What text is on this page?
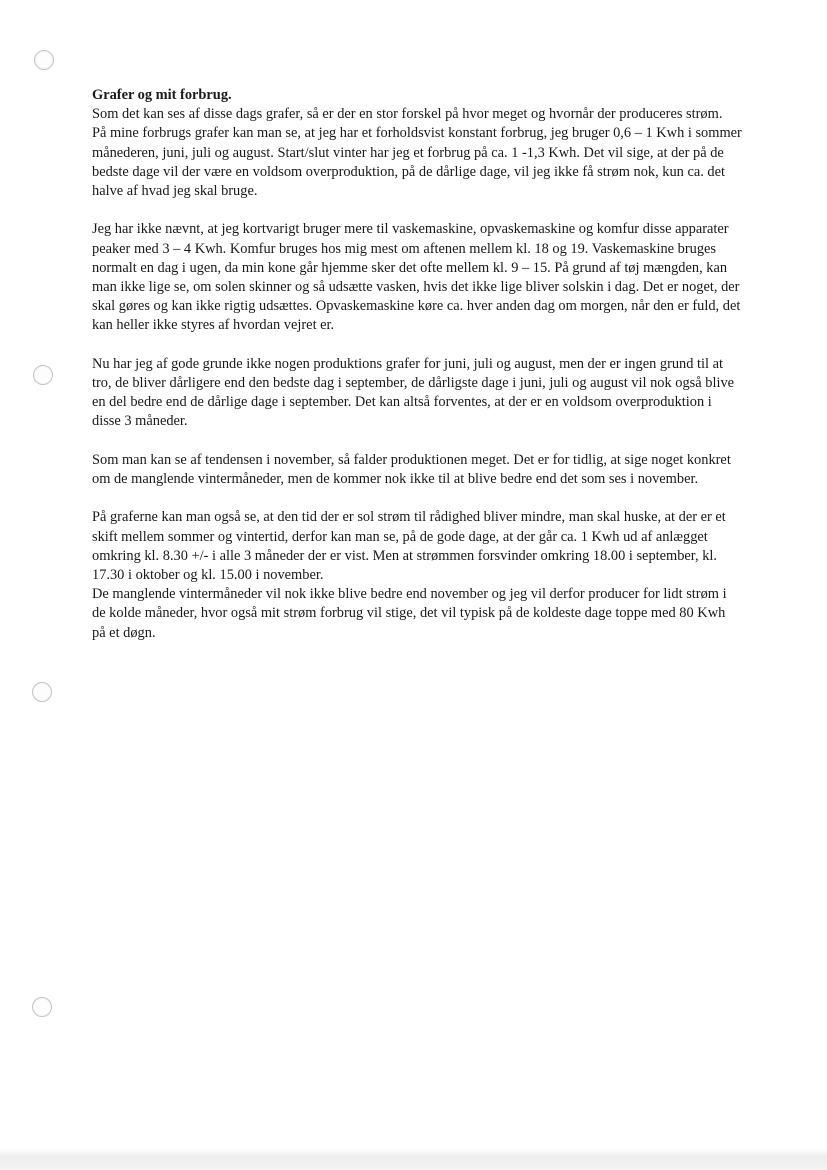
Grafer og mit forbrug.

Som det kan ses af disse dags grafer, så er der en stor forskel på hvor meget og hvornår der produceres strøm.

På mine forbrugs grafer kan man se, at jeg har et forholdsvist konstant forbrug, jeg bruger 0,6 – 1 Kwh i sommer månederen, juni, juli og august. Start/slut vinter har jeg et forbrug på ca. 1 -1,3 Kwh. Det vil sige, at der på de bedste dage vil der være en voldsom overproduktion, på de dårlige dage, vil jeg ikke få strøm nok, kun ca. det halve af hvad jeg skal bruge.

Jeg har ikke nævnt, at jeg kortvarigt bruger mere til vaskemaskine, opvaskemaskine og komfur disse apparater peaker med 3 – 4 Kwh. Komfur bruges hos mig mest om aftenen mellem kl. 18 og 19. Vaskemaskine bruges normalt en dag i ugen, da min kone går hjemme sker det ofte mellem kl. 9 – 15. På grund af tøj mængden, kan man ikke lige se, om solen skinner og så udsætte vasken, hvis det ikke lige bliver solskin i dag. Det er noget, der skal gøres og kan ikke rigtig udsættes. Opvaskemaskine køre ca. hver anden dag om morgen, når den er fuld, det kan heller ikke styres af hvordan vejret er.

Nu har jeg af gode grunde ikke nogen produktions grafer for juni, juli og august, men der er ingen grund til at tro, de bliver dårligere end den bedste dag i september, de dårligste dage i juni, juli og august vil nok også blive en del bedre end de dårlige dage i september. Det kan altså forventes, at der er en voldsom overproduktion i disse 3 måneder.

Som man kan se af tendensen i november, så falder produktionen meget. Det er for tidlig, at sige noget konkret om de manglende vintermåneder, men de kommer nok ikke til at blive bedre end det som ses i november.

På graferne kan man også se, at den tid der er sol strøm til rådighed bliver mindre, man skal huske, at der er et skift mellem sommer og vintertid, derfor kan man se, på de gode dage, at der går ca. 1 Kwh ud af anlægget omkring kl. 8.30 +/- i alle 3 måneder der er vist. Men at strømmen forsvinder omkring 18.00 i september, kl. 17.30 i oktober og kl. 15.00 i november.

De manglende vintermåneder vil nok ikke blive bedre end november og jeg vil derfor producer for lidt strøm i de kolde måneder, hvor også mit strøm forbrug vil stige, det vil typisk på de koldeste dage toppe med 80 Kwh på et døgn.
